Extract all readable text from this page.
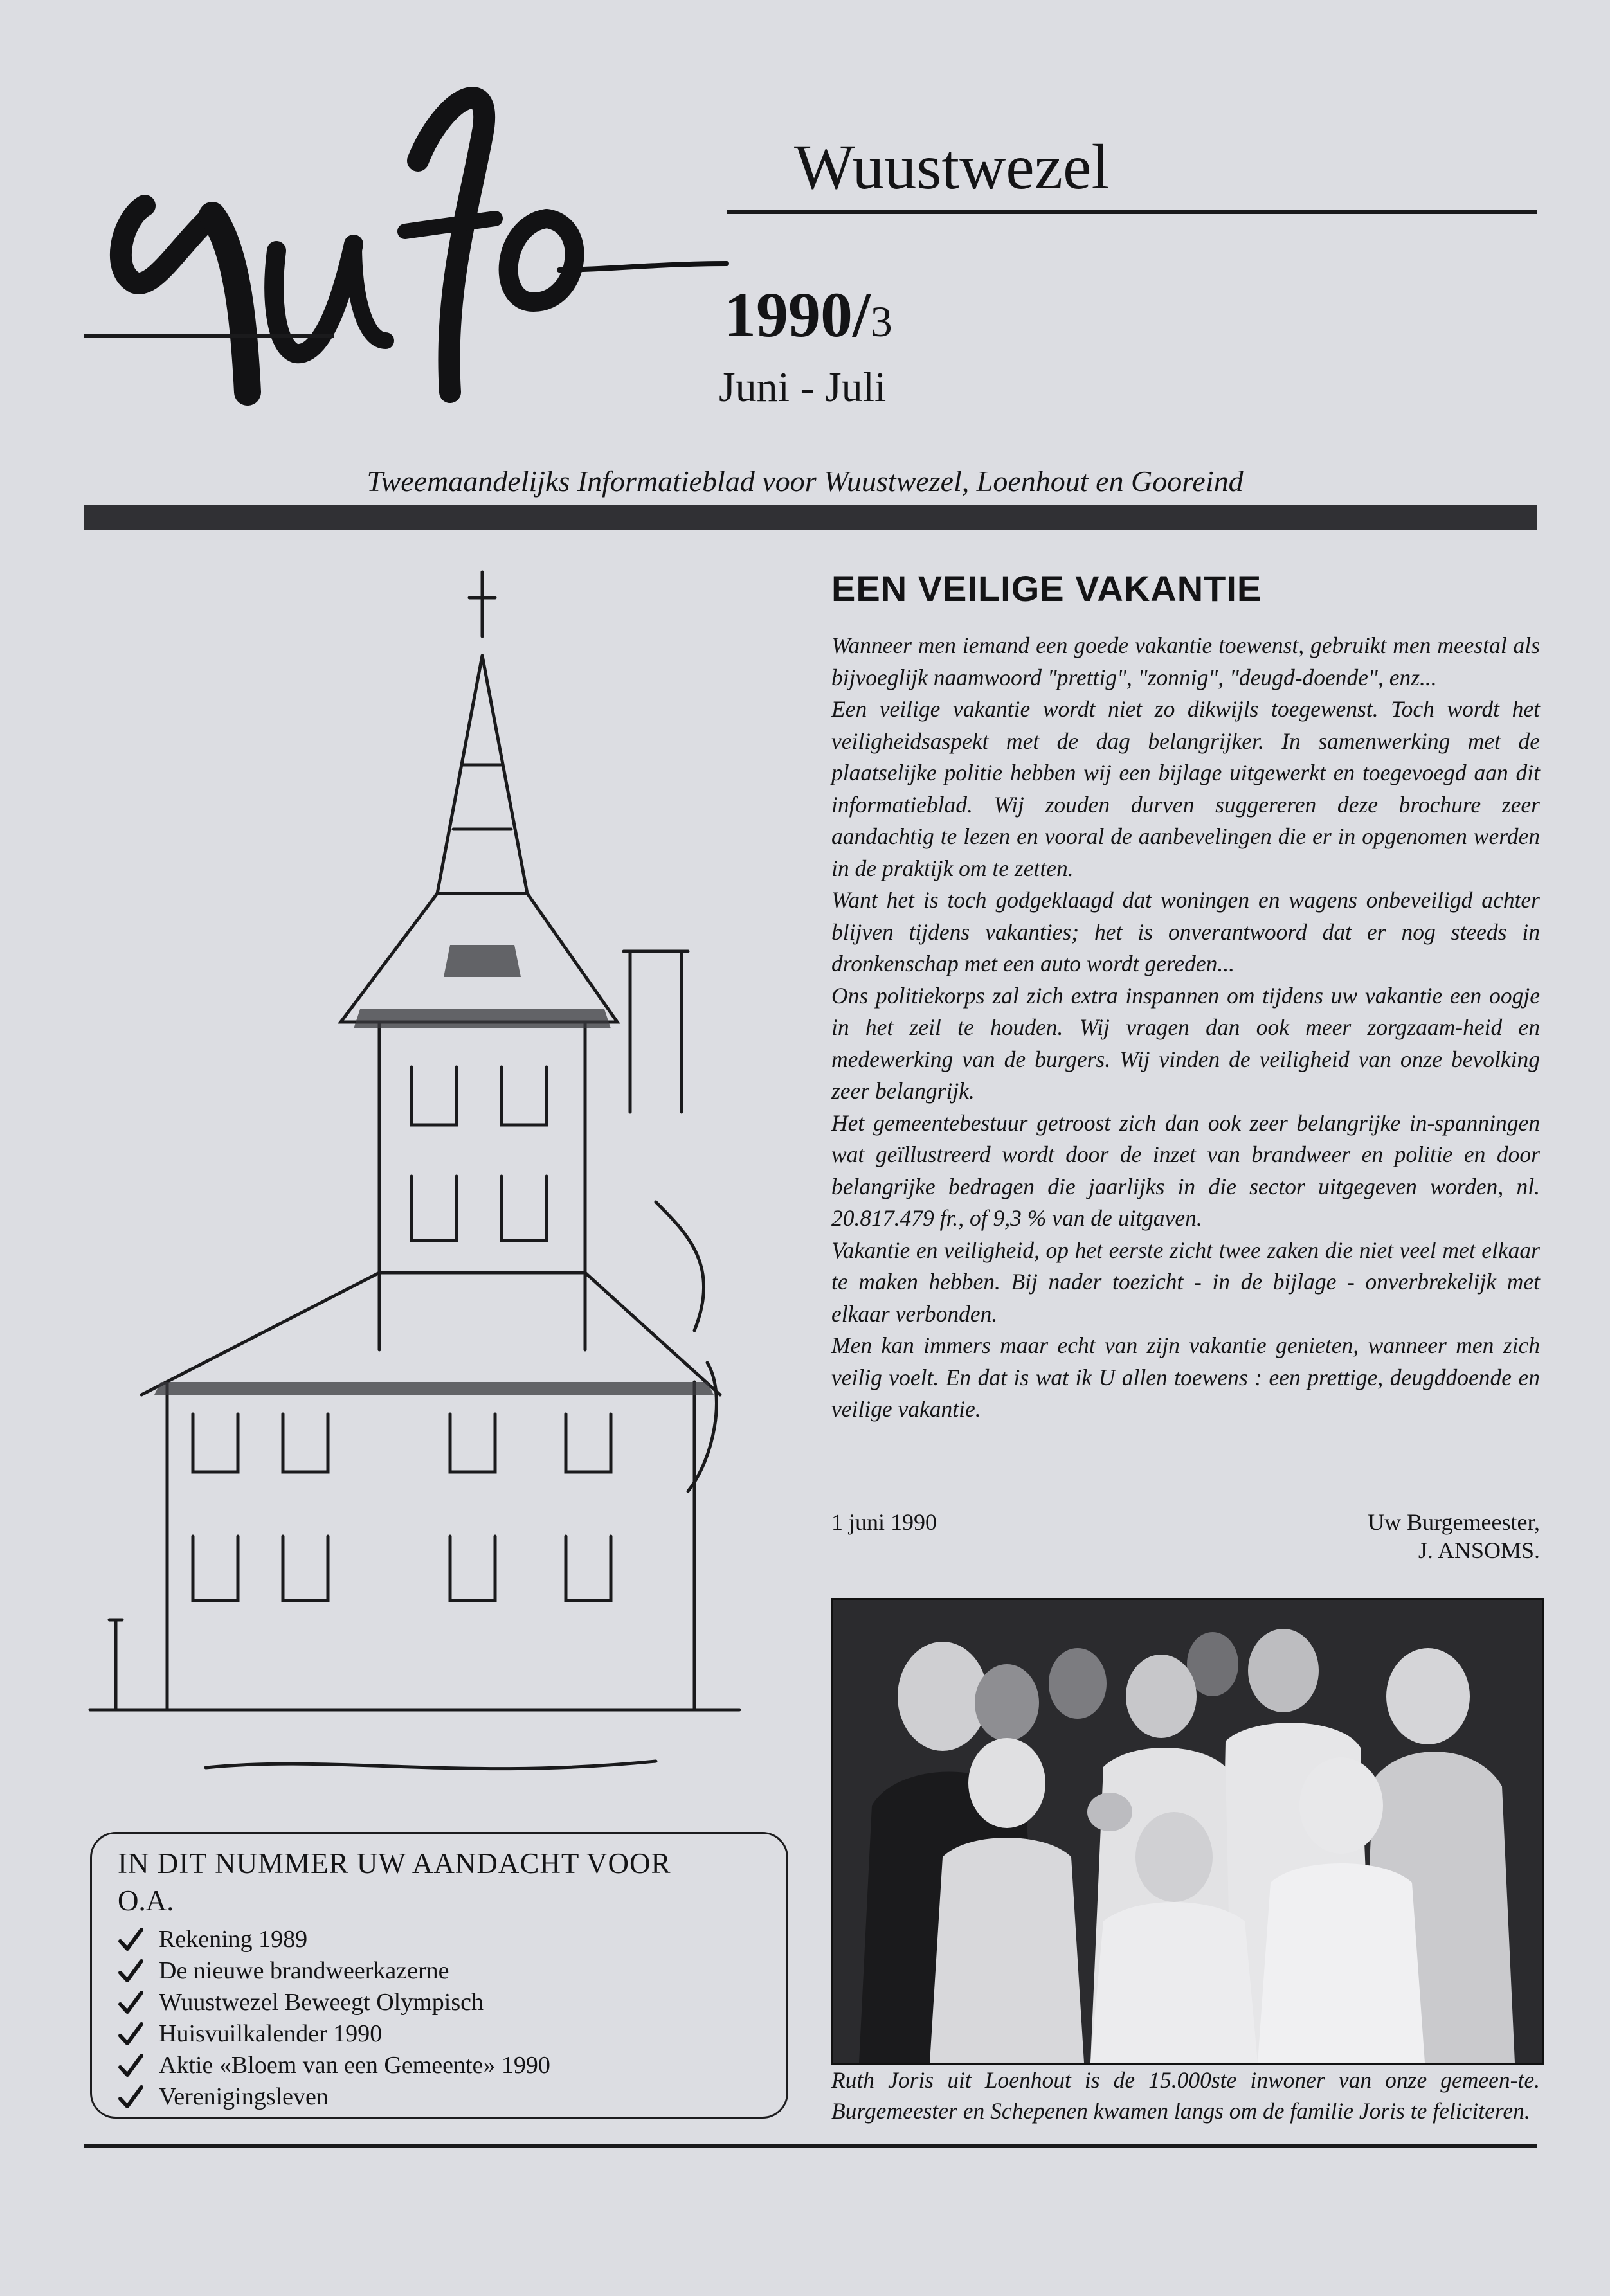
Wuustwezel
1990/3
Juni - Juli
Tweemaandelijks Informatieblad voor Wuustwezel, Loenhout en Gooreind
EEN VEILIGE VAKANTIE

Wanneer men iemand een goede vakantie toewenst, gebruikt men meestal als bijvoeglijk naamwoord "prettig", "zonnig", "deugd-doende", enz...

Een veilige vakantie wordt niet zo dikwijls toegewenst. Toch wordt het veiligheidsaspekt met de dag belangrijker. In samenwerking met de plaatselijke politie hebben wij een bijlage uitgewerkt en toegevoegd aan dit informatieblad. Wij zouden durven suggereren deze brochure zeer aandachtig te lezen en vooral de aanbevelingen die er in opgenomen werden in de praktijk om te zetten.

Want het is toch godgeklaagd dat woningen en wagens onbeveiligd achter blijven tijdens vakanties; het is onverantwoord dat er nog steeds in dronkenschap met een auto wordt gereden...

Ons politiekorps zal zich extra inspannen om tijdens uw vakantie een oogje in het zeil te houden. Wij vragen dan ook meer zorgzaam-heid en medewerking van de burgers. Wij vinden de veiligheid van onze bevolking zeer belangrijk.

Het gemeentebestuur getroost zich dan ook zeer belangrijke in-spanningen wat geïllustreerd wordt door de inzet van brandweer en politie en door belangrijke bedragen die jaarlijks in die sector uitgegeven worden, nl. 20.817.479 fr., of 9,3 % van de uitgaven.

Vakantie en veiligheid, op het eerste zicht twee zaken die niet veel met elkaar te maken hebben. Bij nader toezicht - in de bijlage - onverbrekelijk met elkaar verbonden.

Men kan immers maar echt van zijn vakantie genieten, wanneer men zich veilig voelt. En dat is wat ik U allen toewens : een prettige, deugddoende en veilige vakantie.

1 juni 1990	Uw Burgemeester,
J. ANSOMS.
Ruth Joris uit Loenhout is de 15.000ste inwoner van onze gemeen-te. Burgemeester en Schepenen kwamen langs om de familie Joris te feliciteren.
IN DIT NUMMER UW AANDACHT VOOR
O.A.
Rekening 1989
De nieuwe brandweerkazerne
Wuustwezel Beweegt Olympisch
Huisvuilkalender 1990
Aktie «Bloem van een Gemeente» 1990
Verenigingsleven
